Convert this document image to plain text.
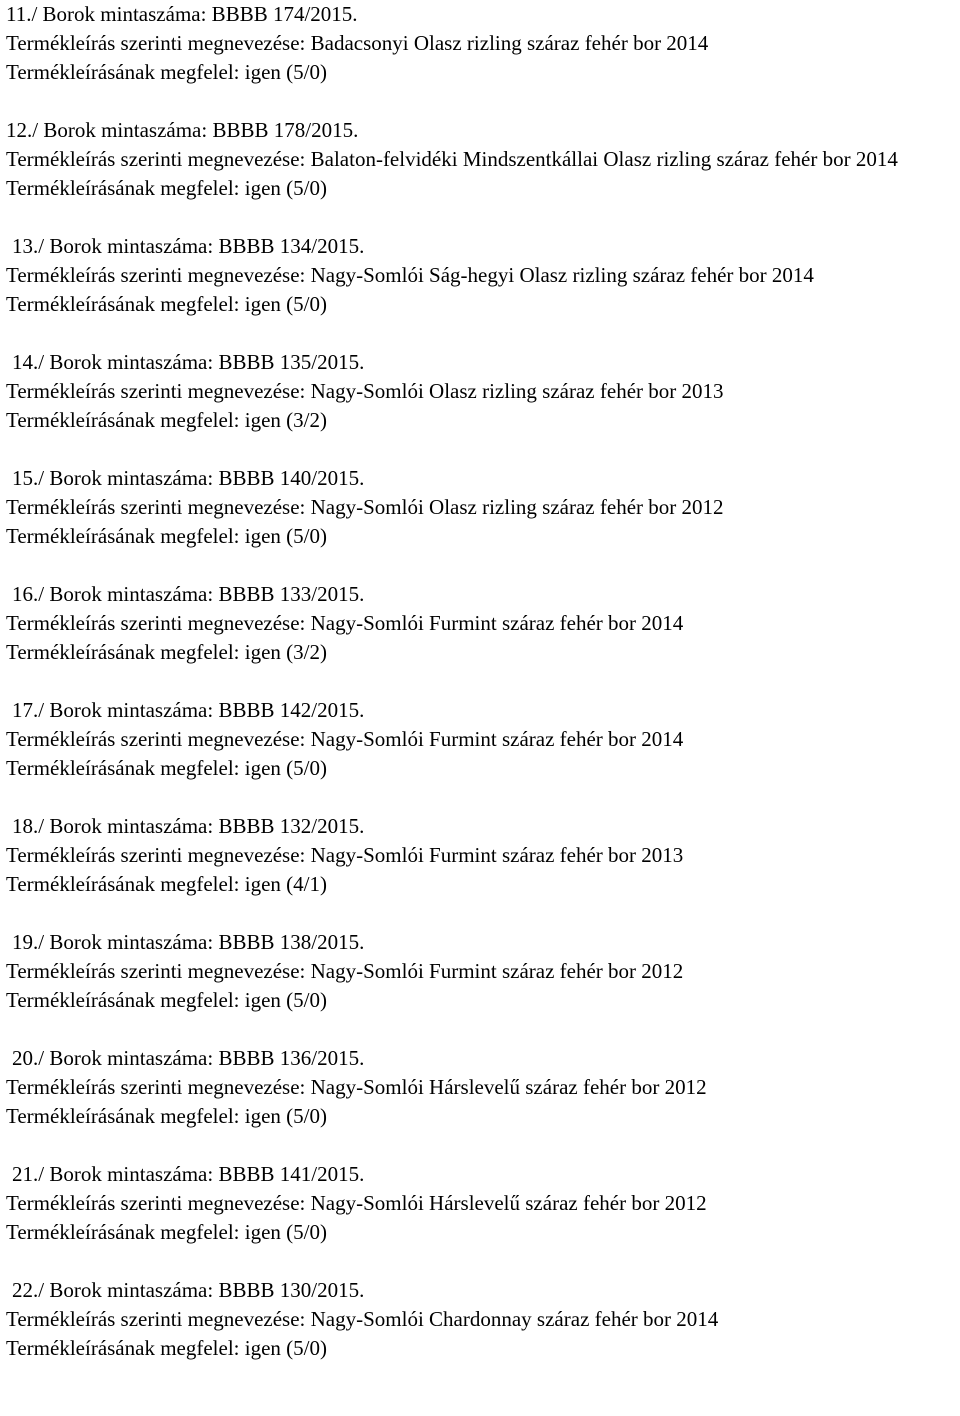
11./ Borok mintaszáma: BBBB 174/2015.
Termékleírás szerinti megnevezése: Badacsonyi Olasz rizling száraz fehér bor 2014
Termékleírásának megfelel: igen (5/0)
12./ Borok mintaszáma: BBBB 178/2015.
Termékleírás szerinti megnevezése: Balaton-felvidéki Mindszentkállai Olasz rizling száraz fehér bor 2014
Termékleírásának megfelel: igen (5/0)
13./ Borok mintaszáma: BBBB 134/2015.
Termékleírás szerinti megnevezése: Nagy-Somlói Ság-hegyi Olasz rizling száraz fehér bor 2014
Termékleírásának megfelel: igen (5/0)
14./ Borok mintaszáma: BBBB 135/2015.
Termékleírás szerinti megnevezése: Nagy-Somlói Olasz rizling száraz fehér bor 2013
Termékleírásának megfelel: igen (3/2)
15./ Borok mintaszáma: BBBB 140/2015.
Termékleírás szerinti megnevezése: Nagy-Somlói Olasz rizling száraz fehér bor 2012
Termékleírásának megfelel: igen (5/0)
16./ Borok mintaszáma: BBBB 133/2015.
Termékleírás szerinti megnevezése: Nagy-Somlói Furmint száraz fehér bor 2014
Termékleírásának megfelel: igen (3/2)
17./ Borok mintaszáma: BBBB 142/2015.
Termékleírás szerinti megnevezése: Nagy-Somlói Furmint száraz fehér bor 2014
Termékleírásának megfelel: igen (5/0)
18./ Borok mintaszáma: BBBB 132/2015.
Termékleírás szerinti megnevezése: Nagy-Somlói Furmint száraz fehér bor 2013
Termékleírásának megfelel: igen (4/1)
19./ Borok mintaszáma: BBBB 138/2015.
Termékleírás szerinti megnevezése: Nagy-Somlói Furmint száraz fehér bor 2012
Termékleírásának megfelel: igen (5/0)
20./ Borok mintaszáma: BBBB 136/2015.
Termékleírás szerinti megnevezése: Nagy-Somlói Hárslevelű száraz fehér bor 2012
Termékleírásának megfelel: igen (5/0)
21./ Borok mintaszáma: BBBB 141/2015.
Termékleírás szerinti megnevezése: Nagy-Somlói Hárslevelű száraz fehér bor 2012
Termékleírásának megfelel: igen (5/0)
22./ Borok mintaszáma: BBBB 130/2015.
Termékleírás szerinti megnevezése: Nagy-Somlói Chardonnay száraz fehér bor 2014
Termékleírásának megfelel: igen (5/0)
